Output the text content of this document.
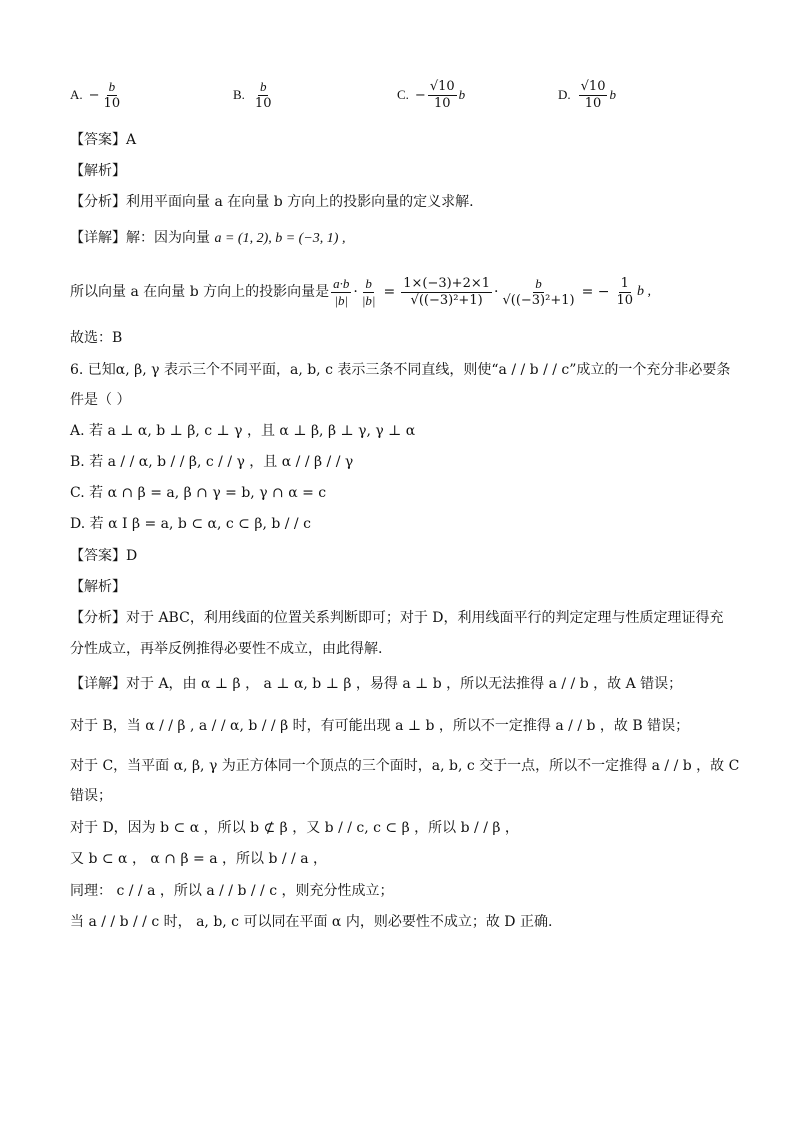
A. − $\frac{b}{10}$	B. $\frac{b}{10}$	C. − $\frac{√10}{10}$ b	D. $\frac{√10}{10}$ b
【答案】A
【解析】
【分析】利用平面向量 a 在向量 b 方向上的投影向量的定义求解.
【详解】解：因为向量 a = (1, 2), b = (−3, 1) ,
所以向量 a 在向量 b 方向上的投影向量是 $\frac{a\cdot b}{|b|} \cdot \frac{b}{|b|} = \frac{1\times(-3)+2\times 1}{\text{√((−3)²+1)}} \cdot \frac{b}{\text{√((−3)²+1)}}$ = − $\frac{1}{10}$ b ,
故选：B
6. 已知α, β, γ 表示三个不同平面，a, b, c 表示三条不同直线，则使“a / / b / / c”成立的一个充分非必要条
件是（ ）
A. 若 a ⊥ α, b ⊥ β, c ⊥ γ ，且 α ⊥ β, β ⊥ γ, γ ⊥ α
B. 若 a / / α, b / / β, c / / γ ，且 α / / β / / γ
C. 若 α ∩ β = a, β ∩ γ = b, γ ∩ α = c
D. 若 α I β = a, b ⊂ α, c ⊂ β, b / / c
【答案】D
【解析】
【分析】对于 ABC，利用线面的位置关系判断即可；对于 D，利用线面平行的判定定理与性质定理证得充
分性成立，再举反例推得必要性不成立，由此得解.
【详解】对于 A，由 α ⊥ β ， a ⊥ α, b ⊥ β ，易得 a ⊥ b ，所以无法推得 a / / b ，故 A 错误；
对于 B，当 α / / β , a / / α, b / / β 时，有可能出现 a ⊥ b ，所以不一定推得 a / / b ，故 B 错误；
对于 C，当平面 α, β, γ 为正方体同一个顶点的三个面时，a, b, c 交于一点，所以不一定推得 a / / b ，故 C
错误；
对于 D，因为 b ⊂ α ，所以 b ⊄ β ，又 b / / c, c ⊂ β ，所以 b / / β ，
又 b ⊂ α ， α ∩ β = a ，所以 b / / a ，
同理： c / / a ，所以 a / / b / / c ，则充分性成立；
当 a / / b / / c 时， a, b, c 可以同在平面 α 内，则必要性不成立；故 D 正确.
